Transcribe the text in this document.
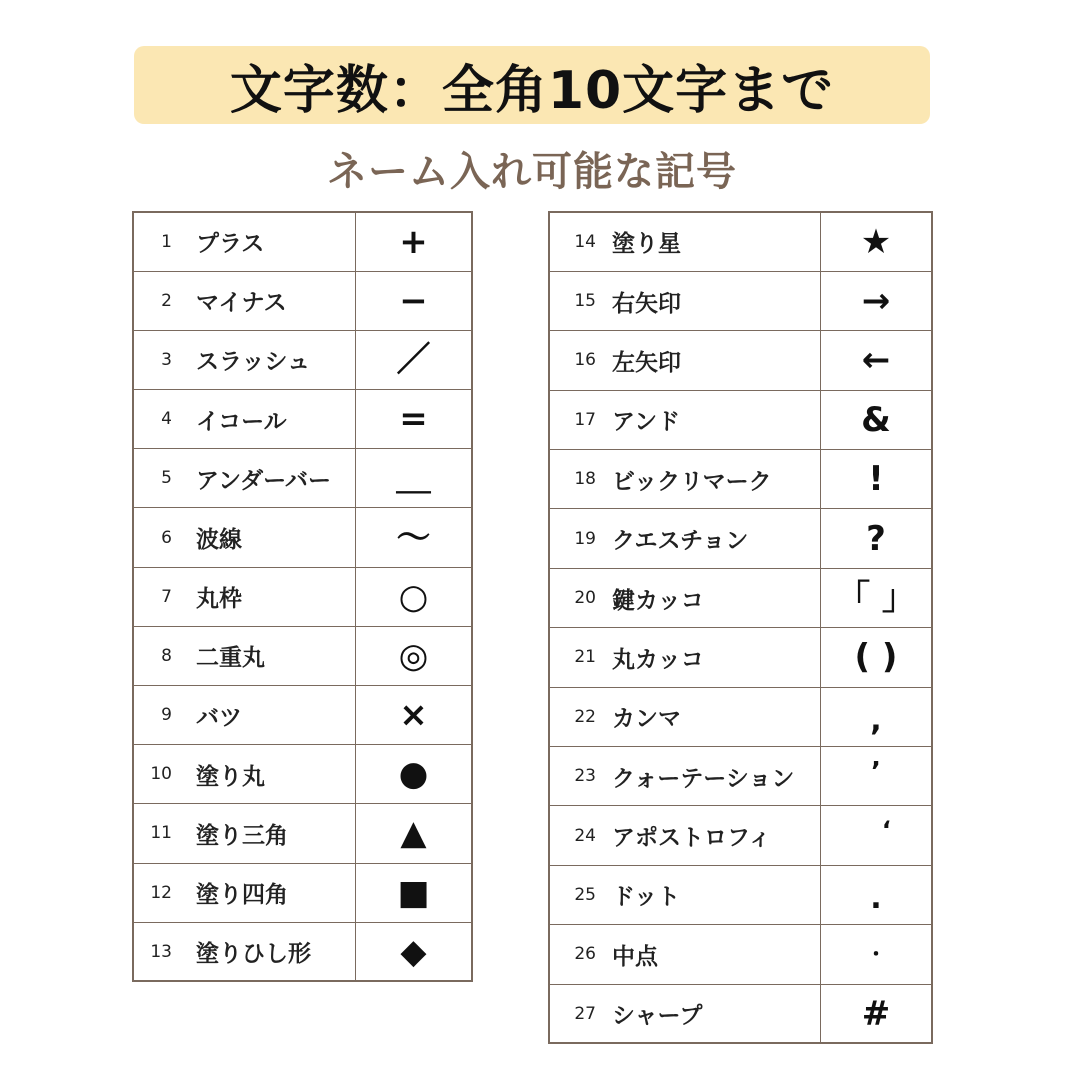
文字数：全角10文字まで
ネーム入れ可能な記号
1 プラス	+
2 マイナス	−
3 スラッシュ	／
4 イコール	=
5 アンダーバー	＿
6 波線	～
7 丸枠	○
8 二重丸	◎
9 バツ	×
10 塗り丸	●
11 塗り三角	▲
12 塗り四角	■
13 塗りひし形	◆
14 塗り星	★
15 右矢印	→
16 左矢印	←
17 アンド	&
18 ビックリマーク	!
19 クエスチョン	?
20 鍵カッコ	「 」
21 丸カッコ	( )
22 カンマ	,
23 クォーテーション	’
24 アポストロフィ	‘
25 ドット	.
26 中点	・
27 シャープ	#
